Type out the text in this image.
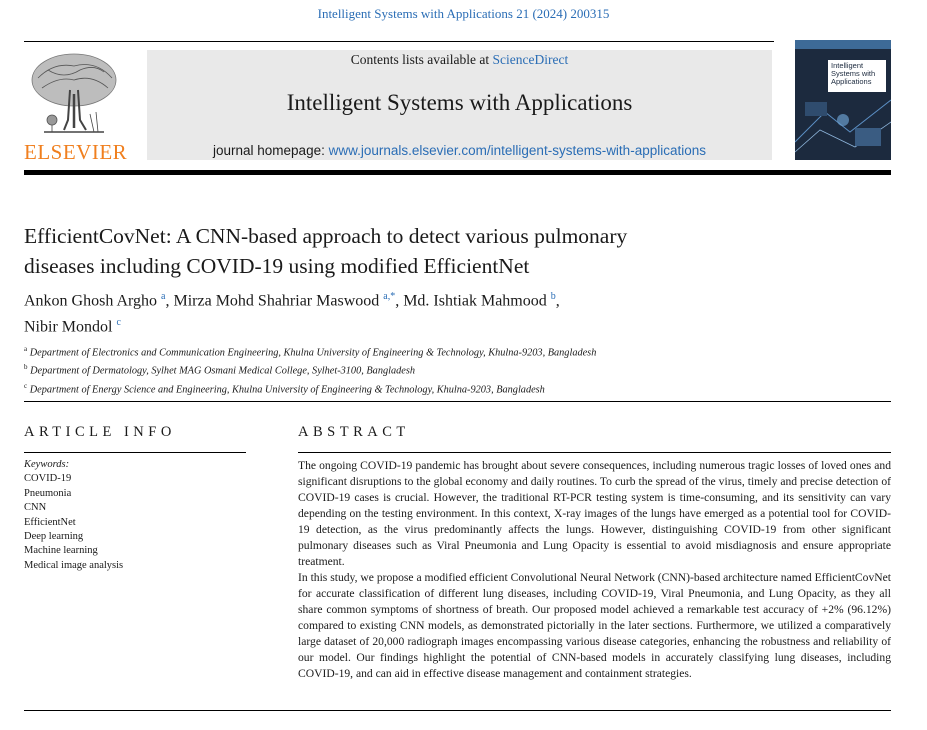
Intelligent Systems with Applications 21 (2024) 200315
ELSEVIER
Contents lists available at ScienceDirect
Intelligent Systems with Applications
journal homepage: www.journals.elsevier.com/intelligent-systems-with-applications
Intelligent Systems with Applications
EfficientCovNet: A CNN-based approach to detect various pulmonary
diseases including COVID-19 using modified EfficientNet
Ankon Ghosh Argho $^a$, Mirza Mohd Shahriar Maswood $^{a,*}$, Md. Ishtiak Mahmood $^b$,
Nibir Mondol $^c$
$^a$ Department of Electronics and Communication Engineering, Khulna University of Engineering & Technology, Khulna-9203, Bangladesh
$^b$ Department of Dermatology, Sylhet MAG Osmani Medical College, Sylhet-3100, Bangladesh
$^c$ Department of Energy Science and Engineering, Khulna University of Engineering & Technology, Khulna-9203, Bangladesh
ARTICLE INFO	ABSTRACT
Keywords:
COVID-19
Pneumonia
CNN
EfficientNet
Deep learning
Machine learning
Medical image analysis

The ongoing COVID-19 pandemic has brought about severe consequences, including numerous tragic losses of loved ones and significant disruptions to the global economy and daily routines. To curb the spread of the virus, timely and precise detection of COVID-19 cases is crucial. However, the traditional RT-PCR testing system is time-consuming, and its sensitivity can vary depending on the testing environment. In this context, X-ray images of the lungs have emerged as a potential tool for COVID-19 detection, as the virus predominantly affects the lungs. However, distinguishing COVID-19 from other significant pulmonary diseases such as Viral Pneumonia and Lung Opacity is essential to avoid misdiagnosis and ensure appropriate treatment.

In this study, we propose a modified efficient Convolutional Neural Network (CNN)-based architecture named EfficientCovNet for accurate classification of different lung diseases, including COVID-19, Viral Pneumonia, and Lung Opacity, as they all share common symptoms of shortness of breath. Our proposed model achieved a remarkable test accuracy of +2% (96.12%) compared to existing CNN models, as demonstrated pictorially in the later sections. Furthermore, we utilized a comparatively large dataset of 20,000 radiograph images encompassing various disease categories, enhancing the robustness and reliability of our model. Our findings highlight the potential of CNN-based models in accurately classifying lung diseases, including COVID-19, and can aid in effective disease management and containment strategies.
